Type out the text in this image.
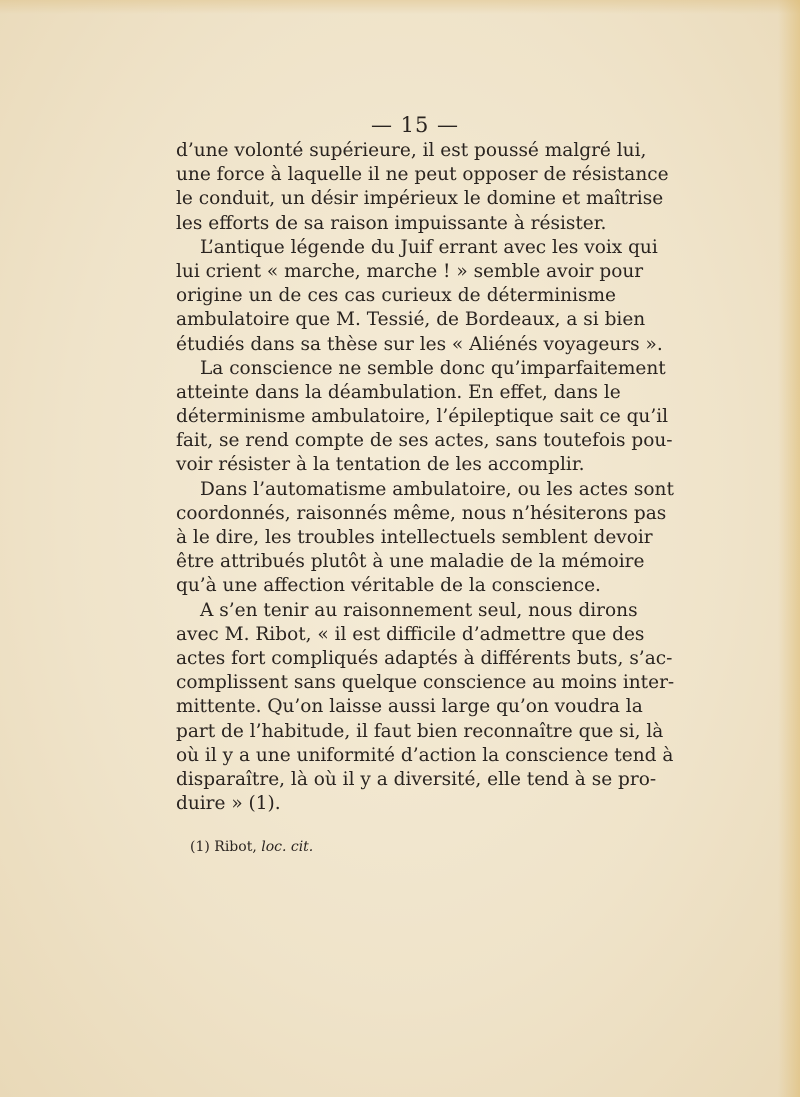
— 15 —
d’une volonté supérieure, il est poussé malgré lui,
une force à laquelle il ne peut opposer de résistance
le conduit, un désir impérieux le domine et maîtrise
les efforts de sa raison impuissante à résister.
L’antique légende du Juif errant avec les voix qui
lui crient « marche, marche ! » semble avoir pour
origine un de ces cas curieux de déterminisme
ambulatoire que M. Tessié, de Bordeaux, a si bien
étudiés dans sa thèse sur les « Aliénés voyageurs ».
La conscience ne semble donc qu’imparfaitement
atteinte dans la déambulation. En effet, dans le
déterminisme ambulatoire, l’épileptique sait ce qu’il
fait, se rend compte de ses actes, sans toutefois pou-
voir résister à la tentation de les accomplir.
Dans l’automatisme ambulatoire, ou les actes sont
coordonnés, raisonnés même, nous n’hésiterons pas
à le dire, les troubles intellectuels semblent devoir
être attribués plutôt à une maladie de la mémoire
qu’à une affection véritable de la conscience.
A s’en tenir au raisonnement seul, nous dirons
avec M. Ribot, « il est difficile d’admettre que des
actes fort compliqués adaptés à différents buts, s’ac-
complissent sans quelque conscience au moins inter-
mittente. Qu’on laisse aussi large qu’on voudra la
part de l’habitude, il faut bien reconnaître que si, là
où il y a une uniformité d’action la conscience tend à
disparaître, là où il y a diversité, elle tend à se pro-
duire » (1).
(1) Ribot, loc. cit.
